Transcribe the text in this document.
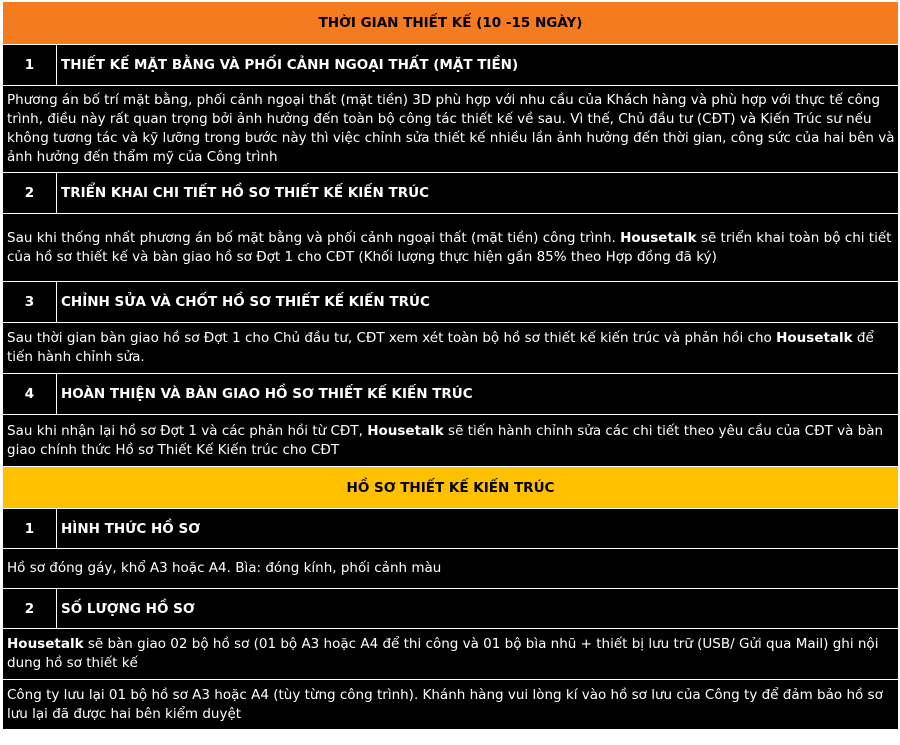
THỜI GIAN THIẾT KẾ (10 -15 NGÀY)	
1	THIẾT KẾ MẶT BẰNG VÀ PHỐI CẢNH NGOẠI THẤT (MẶT TIỀN)
Phương án bố trí mặt bằng, phối cảnh ngoại thất (mặt tiền) 3D phù hợp với nhu cầu của Khách hàng và phù hợp với thực tế công trình, điều này rất quan trọng bởi ảnh hưởng đến toàn bộ công tác thiết kế về sau. Vì thế, Chủ đầu tư (CĐT) và Kiến Trúc sư nếu không tương tác và kỹ lưỡng trong bước này thì việc chỉnh sửa thiết kế nhiều lần ảnh hưởng đến thời gian, công sức của hai bên và ảnh hưởng đến thẩm mỹ của Công trình	
2	TRIỂN KHAI CHI TIẾT HỒ SƠ THIẾT KẾ KIẾN TRÚC
Sau khi thống nhất phương án bố mặt bằng và phối cảnh ngoại thất (mặt tiền) công trình. Housetalk sẽ triển khai toàn bộ chi tiết của hồ sơ thiết kế và bàn giao hồ sơ Đợt 1 cho CĐT (Khối lượng thực hiện gần 85% theo Hợp đồng đã ký)	
3	CHỈNH SỬA VÀ CHỐT HỒ SƠ THIẾT KẾ KIẾN TRÚC
Sau thời gian bàn giao hồ sơ Đợt 1 cho Chủ đầu tư, CĐT xem xét toàn bộ hồ sơ thiết kế kiến trúc và phản hồi cho Housetalk để tiến hành chỉnh sửa.	
4	HOÀN THIỆN VÀ BÀN GIAO HỒ SƠ THIẾT KẾ KIẾN TRÚC
Sau khi nhận lại hồ sơ Đợt 1 và các phản hồi từ CĐT, Housetalk sẽ tiến hành chỉnh sửa các chi tiết theo yêu cầu của CĐT và bàn giao chính thức Hồ sơ Thiết Kế Kiến trúc cho CĐT	
HỒ SƠ THIẾT KẾ KIẾN TRÚC	
1	HÌNH THỨC HỒ SƠ
Hồ sơ đóng gáy, khổ A3 hoặc A4. Bìa: đóng kính, phối cảnh màu	
2	SỐ LƯỢNG HỒ SƠ
Housetalk sẽ bàn giao 02 bộ hồ sơ (01 bộ A3 hoặc A4 để thi công và 01 bộ bìa nhũ + thiết bị lưu trữ (USB/ Gửi qua Mail) ghi nội dung hồ sơ thiết kế	
Công ty lưu lại 01 bộ hồ sơ A3 hoặc A4 (tùy từng công trình). Khánh hàng vui lòng kí vào hồ sơ lưu của Công ty để đảm bảo hồ sơ lưu lại đã được hai bên kiểm duyệt	
